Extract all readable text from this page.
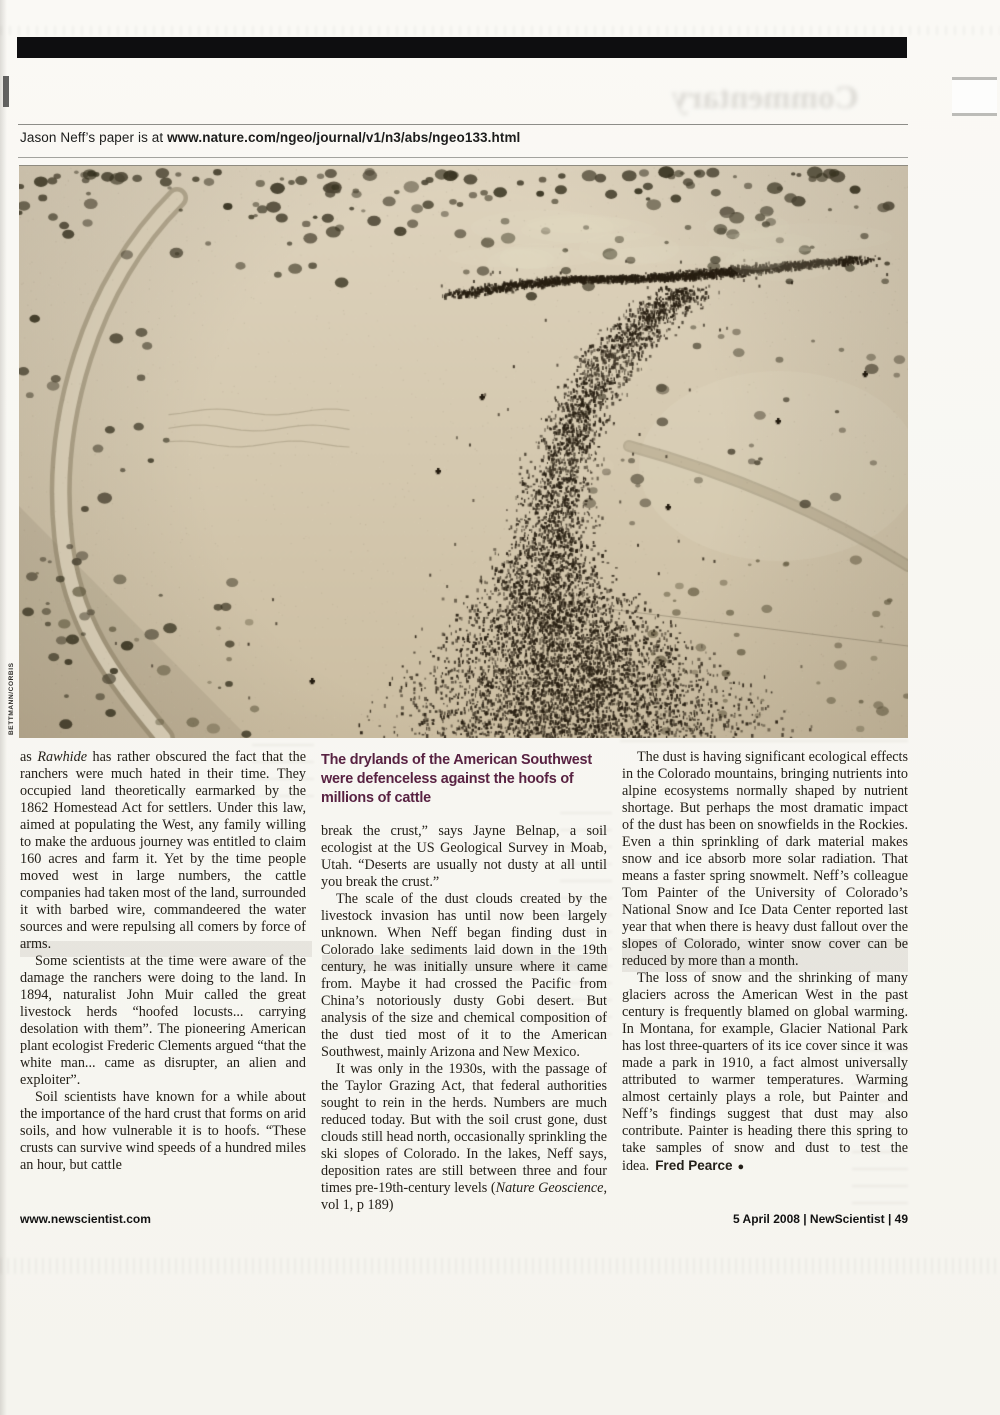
Commentary
Jason Neff’s paper is at www.nature.com/ngeo/journal/v1/n3/abs/ngeo133.html
BETTMANN/CORBIS

as Rawhide has rather obscured the fact that the ranchers were much hated in their time. They occupied land theoretically earmarked by the 1862 Homestead Act for settlers. Under this law, aimed at populating the West, any family willing to make the arduous journey was entitled to claim 160 acres and farm it. Yet by the time people moved west in large numbers, the cattle companies had taken most of the land, surrounded it with barbed wire, commandeered the water sources and were repulsing all comers by force of arms.

Some scientists at the time were aware of the damage the ranchers were doing to the land. In 1894, naturalist John Muir called the great livestock herds “hoofed locusts... carrying desolation with them”. The pioneering American plant ecologist Frederic Clements argued “that the white man... came as disrupter, an alien and exploiter”.

Soil scientists have known for a while about the importance of the hard crust that forms on arid soils, and how vulnerable it is to hoofs. “These crusts can survive wind speeds of a hundred miles an hour, but cattle

The drylands of the American Southwest were defenceless against the hoofs of millions of cattle

break the crust,” says Jayne Belnap, a soil ecologist at the US Geological Survey in Moab, Utah. “Deserts are usually not dusty at all until you break the crust.”

The scale of the dust clouds created by the livestock invasion has until now been largely unknown. When Neff began finding dust in Colorado lake sediments laid down in the 19th century, he was initially unsure where it came from. Maybe it had crossed the Pacific from China’s notoriously dusty Gobi desert. But analysis of the size and chemical composition of the dust tied most of it to the American Southwest, mainly Arizona and New Mexico.

It was only in the 1930s, with the passage of the Taylor Grazing Act, that federal authorities sought to rein in the herds. Numbers are much reduced today. But with the soil crust gone, dust clouds still head north, occasionally sprinkling the ski slopes of Colorado. In the lakes, Neff says, deposition rates are still between three and four times pre-19th-century levels (Nature Geoscience, vol 1, p 189)

The dust is having significant ecological effects in the Colorado mountains, bringing nutrients into alpine ecosystems normally shaped by nutrient shortage. But perhaps the most dramatic impact of the dust has been on snowfields in the Rockies. Even a thin sprinkling of dark material makes snow and ice absorb more solar radiation. That means a faster spring snowmelt. Neff’s colleague Tom Painter of the University of Colorado’s National Snow and Ice Data Center reported last year that when there is heavy dust fallout over the slopes of Colorado, winter snow cover can be reduced by more than a month.

The loss of snow and the shrinking of many glaciers across the American West in the past century is frequently blamed on global warming. In Montana, for example, Glacier National Park has lost three-quarters of its ice cover since it was made a park in 1910, a fact almost universally attributed to warmer temperatures. Warming almost certainly plays a role, but Painter and Neff’s findings suggest that dust may also contribute. Painter is heading there this spring to take samples of snow and dust to test the idea. Fred Pearce ●

www.newscientist.com	5 April 2008 | NewScientist | 49
